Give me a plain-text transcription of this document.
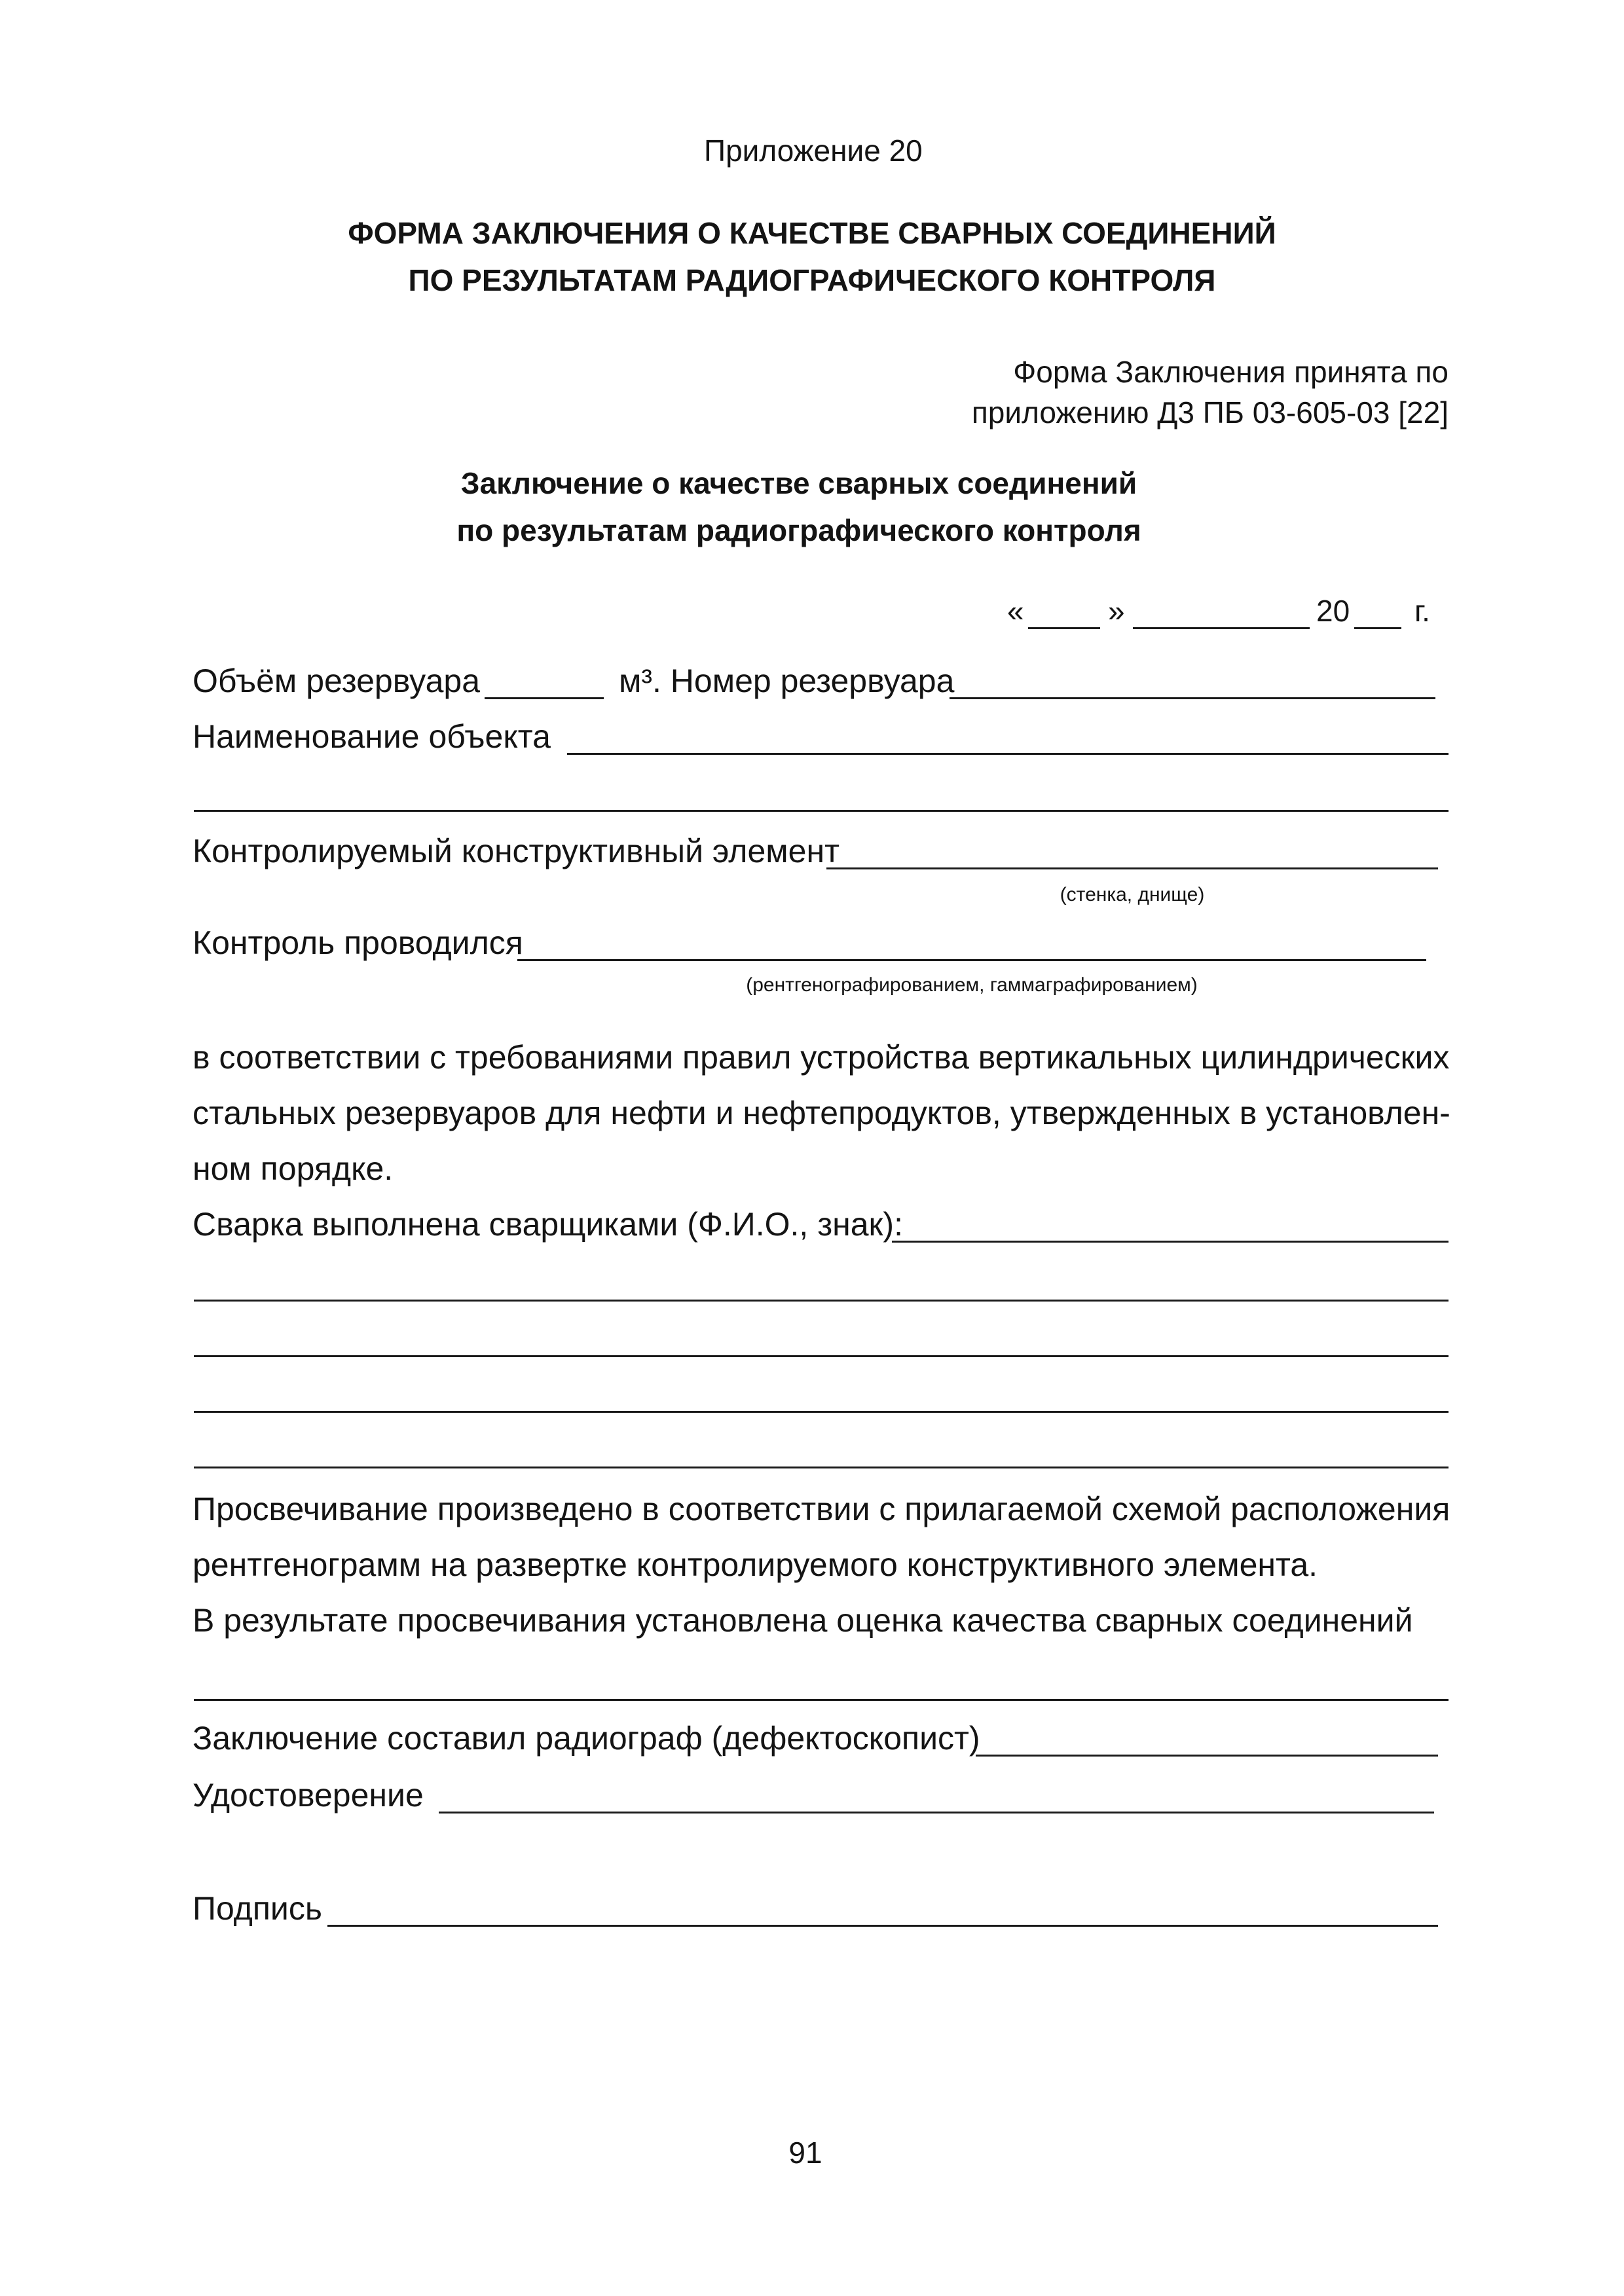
Приложение 20
ФОРМА ЗАКЛЮЧЕНИЯ О КАЧЕСТВЕ СВАРНЫХ СОЕДИНЕНИЙ
ПО РЕЗУЛЬТАТАМ РАДИОГРАФИЧЕСКОГО КОНТРОЛЯ
Форма Заключения принята по
приложению Д3 ПБ 03-605-03 [22]
Заключение о качестве сварных соединений
по результатам радиографического контроля
«	»	20 г.
Объём резервуара	м³. Номер резервуара
Наименование объекта
Контролируемый конструктивный элемент
(стенка, днище)
Контроль проводился
(рентгенографированием, гаммаграфированием)
в соответствии с требованиями правил устройства вертикальных цилиндрических
стальных резервуаров для нефти и нефтепродуктов, утвержденных в установлен-
ном порядке.
Сварка выполнена сварщиками (Ф.И.О., знак):
Просвечивание произведено в соответствии с прилагаемой схемой расположения
рентгенограмм на развертке контролируемого конструктивного элемента.
В результате просвечивания установлена оценка качества сварных соединений
Заключение составил радиограф (дефектоскопист)
Удостоверение
Подпись
91
